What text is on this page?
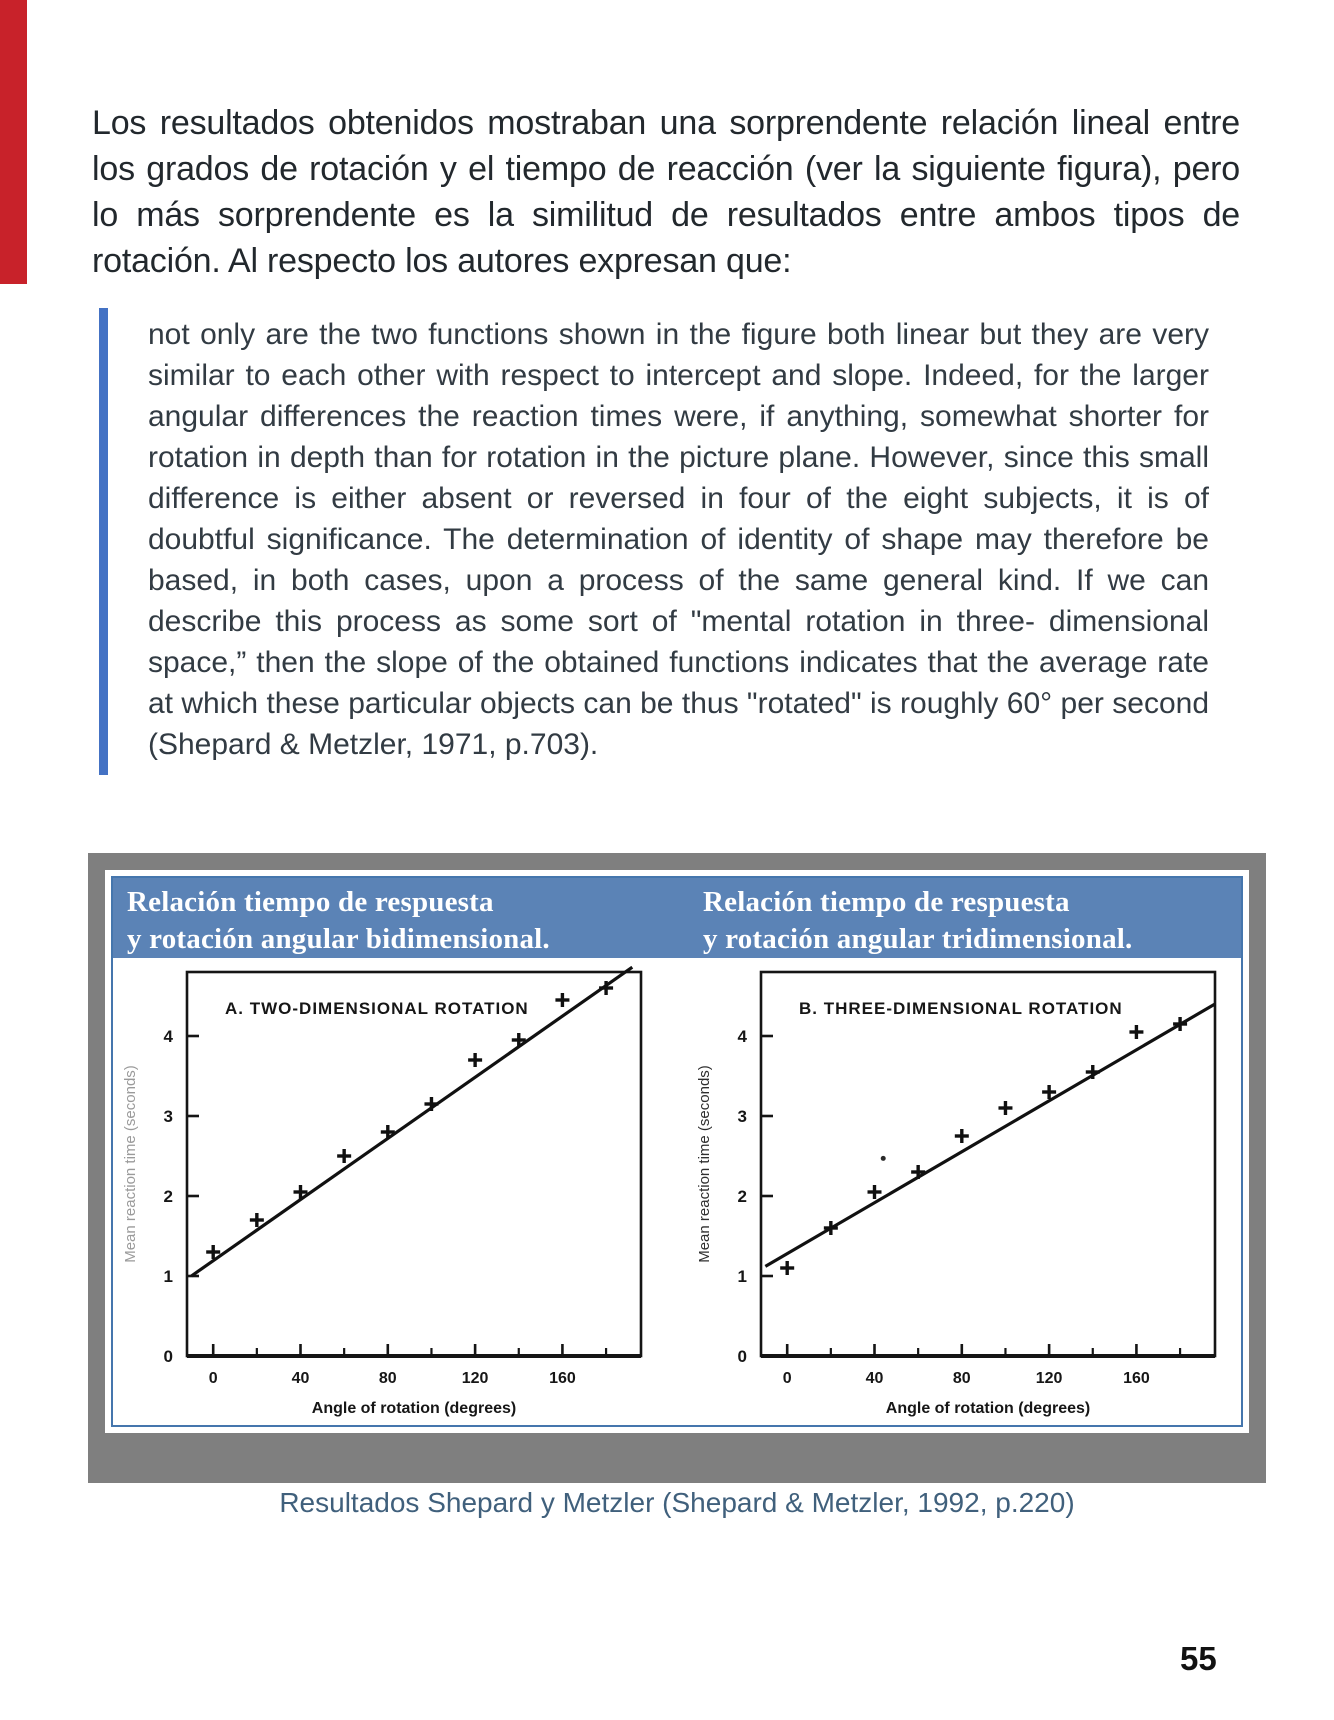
Los resultados obtenidos mostraban una sorprendente relación lineal entre los grados de rotación y el tiempo de reacción (ver la siguiente figura), pero lo más sorprendente es la similitud de resultados entre ambos tipos de rotación. Al respecto los autores expresan que:

not only are the two functions shown in the figure both linear but they are very similar to each other with respect to intercept and slope. Indeed, for the larger angular differences the reaction times were, if anything, somewhat shorter for rotation in depth than for rotation in the picture plane. However, since this small difference is either absent or reversed in four of the eight subjects, it is of doubtful significance. The determination of identity of shape may therefore be based, in both cases, upon a process of the same general kind. If we can describe this process as some sort of "mental rotation in three- dimensional space,” then the slope of the obtained functions indicates that the average rate at which these particular objects can be thus "rotated" is roughly 60° per second (Shepard & Metzler, 1971, p.703).
Relación tiempo de respuesta
y rotación angular bidimensional.
Relación tiempo de respuesta
y rotación angular tridimensional.
0
1
2
3
4
0	40	80	120	160
A. TWO-DIMENSIONAL ROTATION
Angle of rotation (degrees)
Mean reaction time (seconds)
0
1
2
3
4
0	40	80	120	160
B. THREE-DIMENSIONAL ROTATION
Angle of rotation (degrees)
Mean reaction time (seconds)
Resultados Shepard y Metzler (Shepard & Metzler, 1992, p.220)
55
